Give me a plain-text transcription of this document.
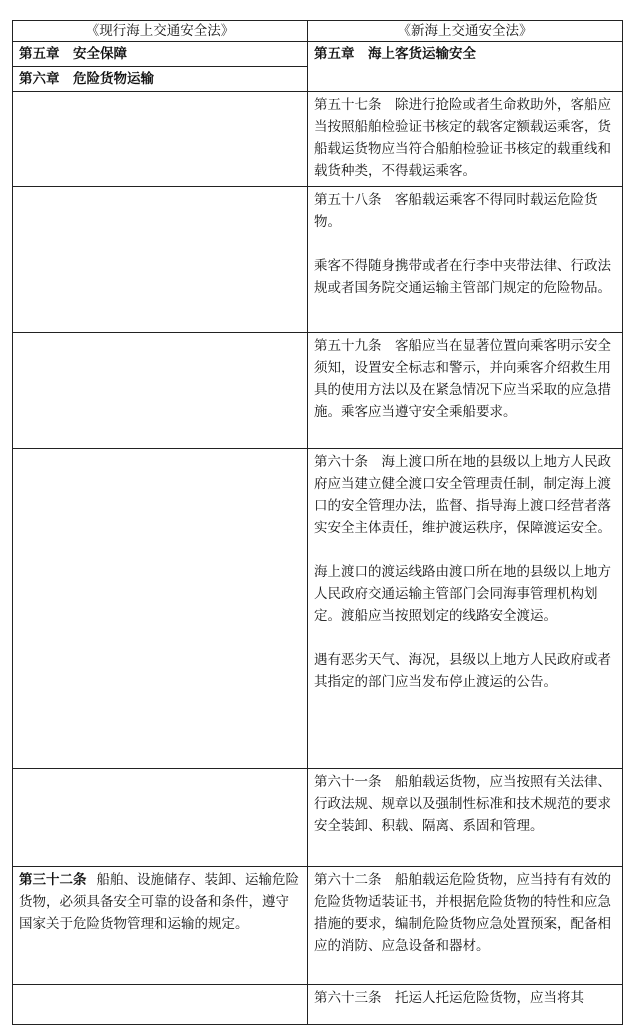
《现行海上交通安全法》	《新海上交通安全法》

第五章　安全保障
第六章　危险货物运输	第五章　海上客货运输安全

	第五十七条　除进行抢险或者生命救助外，客船应当按照船舶检验证书核定的载客定额载运乘客，货船载运货物应当符合船舶检验证书核定的载重线和载货种类，不得载运乘客。

	第五十八条　客船载运乘客不得同时载运危险货物。

乘客不得随身携带或者在行李中夹带法律、行政法规或者国务院交通运输主管部门规定的危险物品。

	第五十九条　客船应当在显著位置向乘客明示安全须知，设置安全标志和警示，并向乘客介绍救生用具的使用方法以及在紧急情况下应当采取的应急措施。乘客应当遵守安全乘船要求。

	第六十条　海上渡口所在地的县级以上地方人民政府应当建立健全渡口安全管理责任制，制定海上渡口的安全管理办法，监督、指导海上渡口经营者落实安全主体责任，维护渡运秩序，保障渡运安全。

海上渡口的渡运线路由渡口所在地的县级以上地方人民政府交通运输主管部门会同海事管理机构划定。渡船应当按照划定的线路安全渡运。

遇有恶劣天气、海况，县级以上地方人民政府或者其指定的部门应当发布停止渡运的公告。

	第六十一条　船舶载运货物，应当按照有关法律、行政法规、规章以及强制性标准和技术规范的要求安全装卸、积载、隔离、系固和管理。

第三十二条 船舶、设施储存、装卸、运输危险货物，必须具备安全可靠的设备和条件，遵守国家关于危险货物管理和运输的规定。	第六十二条　船舶载运危险货物，应当持有有效的危险货物适装证书，并根据危险货物的特性和应急措施的要求，编制危险货物应急处置预案，配备相应的消防、应急设备和器材。

	第六十三条　托运人托运危险货物，应当将其
